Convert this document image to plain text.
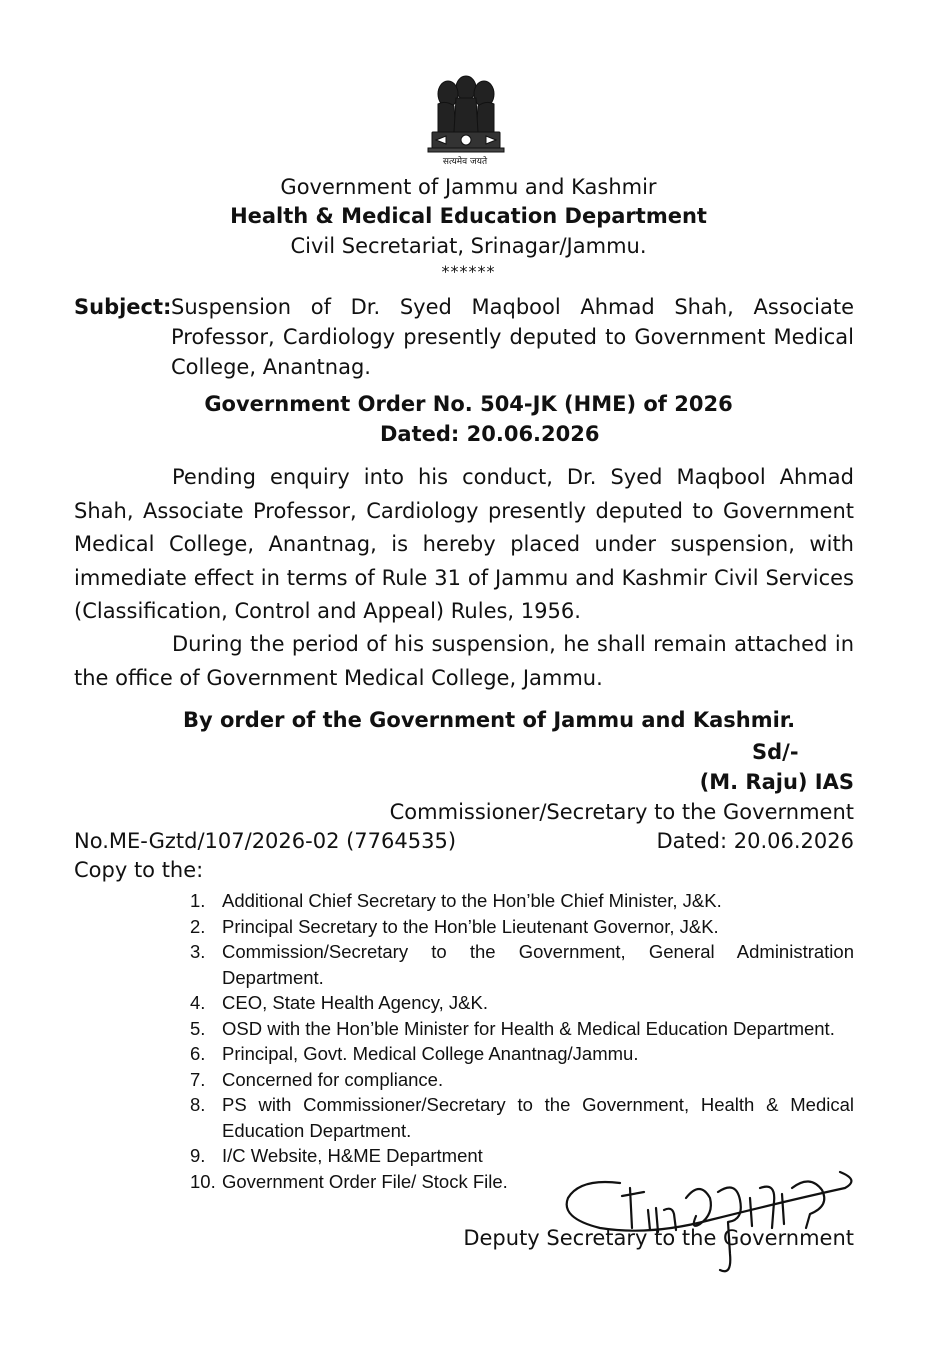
सत्यमेव जयते
Government of Jammu and Kashmir
Health & Medical Education Department
Civil Secretariat, Srinagar/Jammu.
******
Subject: Suspension of Dr. Syed Maqbool Ahmad Shah, Associate Professor, Cardiology presently deputed to Government Medical College, Anantnag.
Government Order No. 504-JK (HME) of 2026
Dated: 20.06.2026
Pending enquiry into his conduct, Dr. Syed Maqbool Ahmad Shah, Associate Professor, Cardiology presently deputed to Government Medical College, Anantnag, is hereby placed under suspension, with immediate effect in terms of Rule 31 of Jammu and Kashmir Civil Services (Classification, Control and Appeal) Rules, 1956.
During the period of his suspension, he shall remain attached in the office of Government Medical College, Jammu.
By order of the Government of Jammu and Kashmir.
Sd/-
(M. Raju) IAS
Commissioner/Secretary to the Government
No.ME-Gztd/107/2026-02 (7764535)	Dated: 20.06.2026
Copy to the:
1. Additional Chief Secretary to the Hon’ble Chief Minister, J&K.
2. Principal Secretary to the Hon’ble Lieutenant Governor, J&K.
3. Commission/Secretary to the Government, General Administration Department.
4. CEO, State Health Agency, J&K.
5. OSD with the Hon’ble Minister for Health & Medical Education Department.
6. Principal, Govt. Medical College Anantnag/Jammu.
7. Concerned for compliance.
8. PS with Commissioner/Secretary to the Government, Health & Medical Education Department.
9. I/C Website, H&ME Department
10. Government Order File/ Stock File.
Deputy Secretary to the Government
